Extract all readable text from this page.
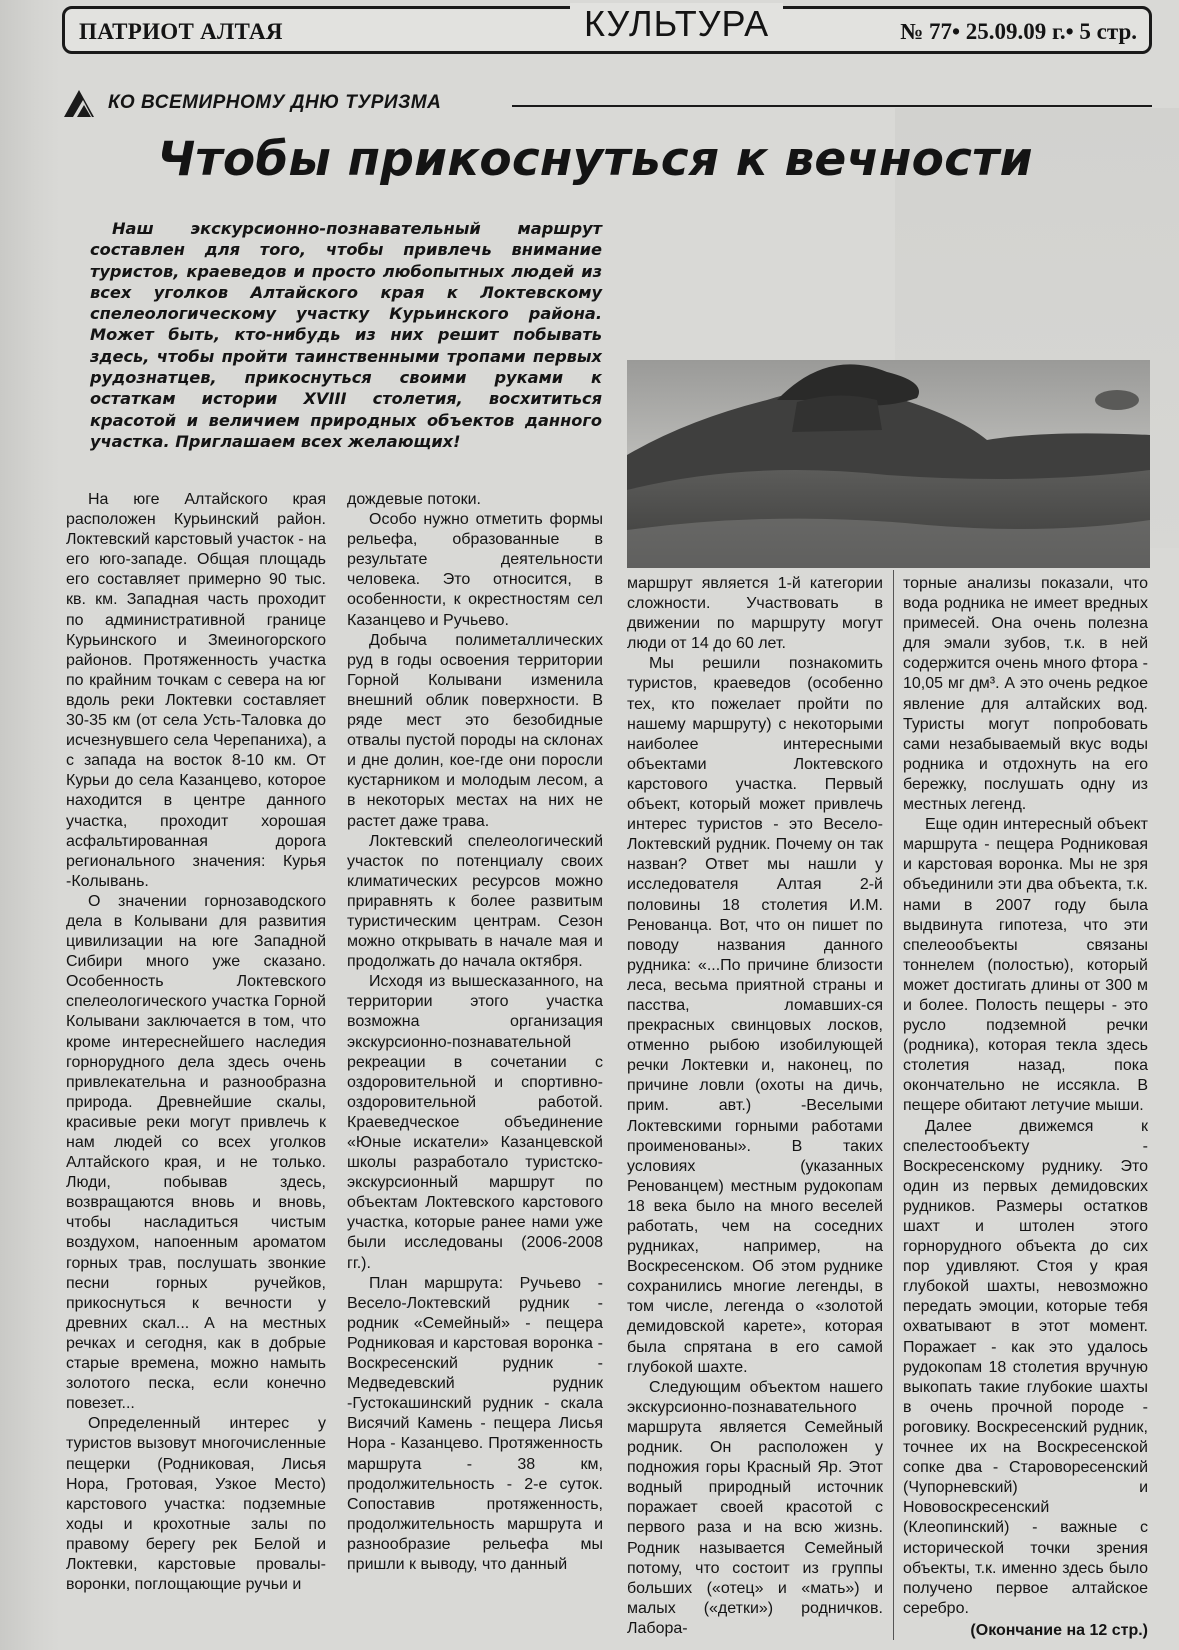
ПАТРИОТ АЛТАЯ	КУЛЬТУРА	№ 77• 25.09.09 г.• 5 стр.
КО ВСЕМИРНОМУ ДНЮ ТУРИЗМА
Чтобы прикоснуться к вечности
Наш экскурсионно-познавательный маршрут составлен для того, чтобы привлечь внимание туристов, краеведов и просто любопытных людей из всех уголков Алтайского края к Локтевскому спелеологическому участку Курьинского района. Может быть, кто-нибудь из них решит побывать здесь, чтобы пройти таинственными тропами первых рудознатцев, прикоснуться своими руками к остаткам истории XVIII столетия, восхититься красотой и величием природных объектов данного участка. Приглашаем всех желающих!

На юге Алтайского края расположен Курьинский район. Локтевский карстовый участок - на его юго-западе. Общая площадь его составляет примерно 90 тыс. кв. км. Западная часть проходит по административной границе Курьинского и Змеиногорского районов. Протяженность участка по крайним точкам с севера на юг вдоль реки Локтевки составляет 30-35 км (от села Усть-Таловка до исчезнувшего села Черепаниха), а с запада на восток 8-10 км. От Курьи до села Казанцево, которое находится в центре данного участка, проходит хорошая асфальтированная дорога регионального значения: Курья -Колывань.

О значении горнозаводского дела в Колывани для развития цивилизации на юге Западной Сибири много уже сказано. Особенность Локтевского спелеологического участка Горной Колывани заключается в том, что кроме интереснейшего наследия горнорудного дела здесь очень привлекательна и разнообразна природа. Древнейшие скалы, красивые реки могут привлечь к нам людей со всех уголков Алтайского края, и не только. Люди, побывав здесь, возвращаются вновь и вновь, чтобы насладиться чистым воздухом, напоенным ароматом горных трав, послушать звонкие песни горных ручейков, прикоснуться к вечности у древних скал... А на местных речках и сегодня, как в добрые старые времена, можно намыть золотого песка, если конечно повезет...

Определенный интерес у туристов вызовут многочисленные пещерки (Родниковая, Лисья Нора, Гротовая, Узкое Место) карстового участка: подземные ходы и крохотные залы по правому берегу рек Белой и Локтевки, карстовые провалы-воронки, поглощающие ручьи и

дождевые потоки.

Особо нужно отметить формы рельефа, образованные в результате деятельности человека. Это относится, в особенности, к окрестностям сел Казанцево и Ручьево.

Добыча полиметаллических руд в годы освоения территории Горной Колывани изменила внешний облик поверхности. В ряде мест это безобидные отвалы пустой породы на склонах и дне долин, кое-где они поросли кустарником и молодым лесом, а в некоторых местах на них не растет даже трава.

Локтевский спелеологический участок по потенциалу своих климатических ресурсов можно приравнять к более развитым туристическим центрам. Сезон можно открывать в начале мая и продолжать до начала октября.

Исходя из вышесказанного, на территории этого участка возможна организация экскурсионно-познавательной рекреации в сочетании с оздоровительной и спортивно-оздоровительной работой. Краеведческое объединение «Юные искатели» Казанцевской школы разработало туристско-экскурсионный маршрут по объектам Локтевского карстового участка, которые ранее нами уже были исследованы (2006-2008 гг.).

План маршрута: Ручьево - Весело-Локтевский рудник - родник «Семейный» - пещера Родниковая и карстовая воронка - Воскресенский рудник - Медведевский рудник -Густокашинский рудник - скала Висячий Камень - пещера Лисья Нора - Казанцево. Протяженность маршрута - 38 км, продолжительность - 2-е суток. Сопоставив протяженность, продолжительность маршрута и разнообразие рельефа мы пришли к выводу, что данный

маршрут является 1-й категории сложности. Участвовать в движении по маршруту могут люди от 14 до 60 лет.

Мы решили познакомить туристов, краеведов (особенно тех, кто пожелает пройти по нашему маршруту) с некоторыми наиболее интересными объектами Локтевского карстового участка. Первый объект, который может привлечь интерес туристов - это Весело-Локтевский рудник. Почему он так назван? Ответ мы нашли у исследователя Алтая 2-й половины 18 столетия И.М. Ренованца. Вот, что он пишет по поводу названия данного рудника: «...По причине близости леса, весьма приятной страны и пасства, ломавших-ся прекрасных свинцовых лосков, отменно рыбою изобилующей речки Локтевки и, наконец, по причине ловли (охоты на дичь, прим. авт.) -Веселыми Локтевскими горными работами проименованы». В таких условиях (указанных Ренованцем) местным рудокопам 18 века было на много веселей работать, чем на соседних рудниках, например, на Воскресенском. Об этом руднике сохранились многие легенды, в том числе, легенда о «золотой демидовской карете», которая была спрятана в его самой глубокой шахте.

Следующим объектом нашего экскурсионно-познавательного маршрута является Семейный родник. Он расположен у подножия горы Красный Яр. Этот водный природный источник поражает своей красотой с первого раза и на всю жизнь. Родник называется Семейный потому, что состоит из группы больших («отец» и «мать») и малых («детки») родничков. Лабора-

торные анализы показали, что вода родника не имеет вредных примесей. Она очень полезна для эмали зубов, т.к. в ней содержится очень много фтора - 10,05 мг дм³. А это очень редкое явление для алтайских вод. Туристы могут попробовать сами незабываемый вкус воды родника и отдохнуть на его бережку, послушать одну из местных легенд.

Еще один интересный объект маршрута - пещера Родниковая и карстовая воронка. Мы не зря объединили эти два объекта, т.к. нами в 2007 году была выдвинута гипотеза, что эти спелеообъекты связаны тоннелем (полостью), который может достигать длины от 300 м и более. Полость пещеры - это русло подземной речки (родника), которая текла здесь столетия назад, пока окончательно не иссякла. В пещере обитают летучие мыши.

Далее движемся к спелестообъекту - Воскресенскому руднику. Это один из первых демидовских рудников. Размеры остатков шахт и штолен этого горнорудного объекта до сих пор удивляют. Стоя у края глубокой шахты, невозможно передать эмоции, которые тебя охватывают в этот момент. Поражает - как это удалось рудокопам 18 столетия вручную выкопать такие глубокие шахты в очень прочной породе - роговику. Воскресенский рудник, точнее их на Воскресенской сопке два - Староворесенский (Чупорневский) и Нововоскресенский (Клеопинский) - важные с исторической точки зрения объекты, т.к. именно здесь было получено первое алтайское серебро.

(Окончание на 12 стр.)
